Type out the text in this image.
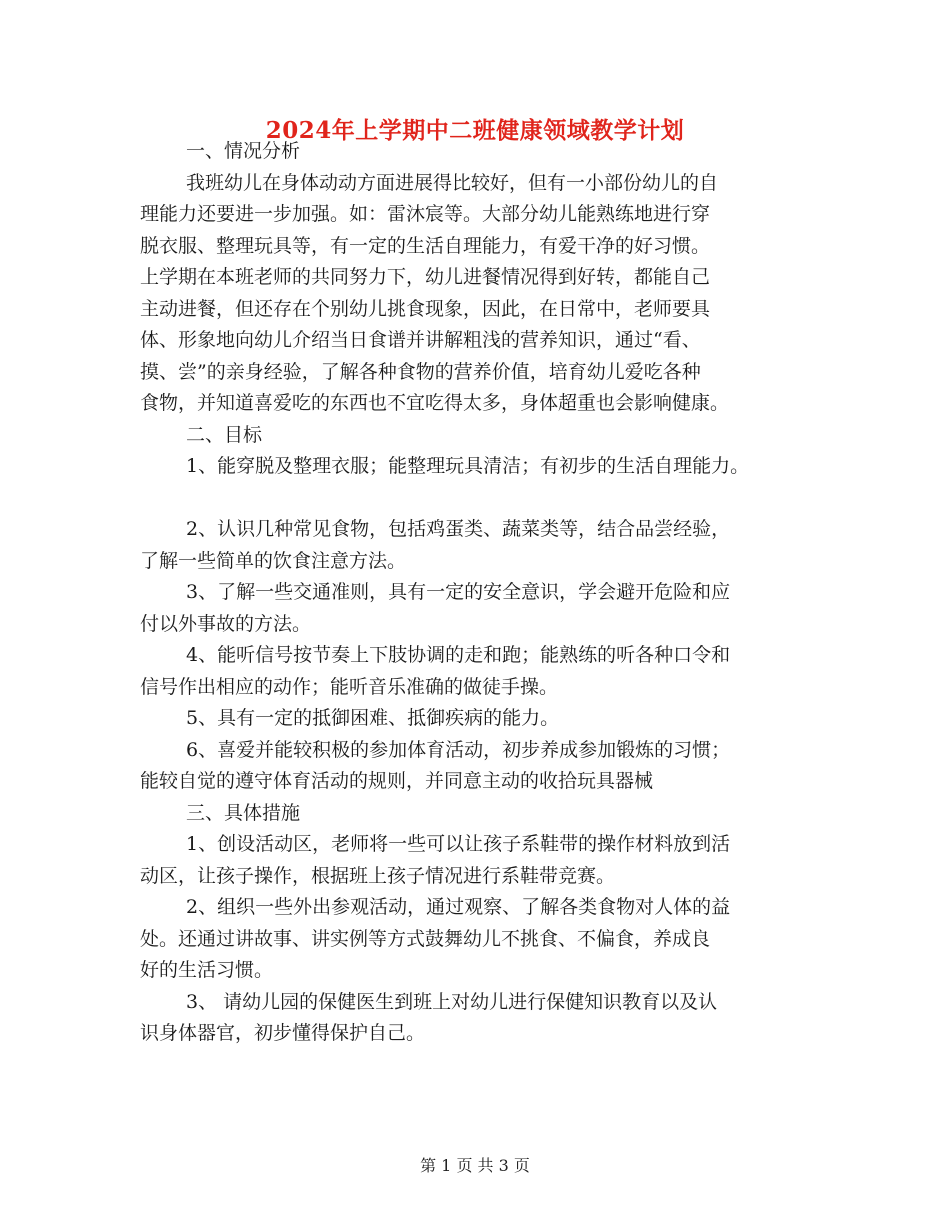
2024年上学期中二班健康领域教学计划
一、情况分析
我班幼儿在身体动动方面进展得比较好，但有一小部份幼儿的自
理能力还要进一步加强。如：雷沐宸等。大部分幼儿能熟练地进行穿
脱衣服、整理玩具等，有一定的生活自理能力，有爱干净的好习惯。
上学期在本班老师的共同努力下，幼儿进餐情况得到好转，都能自己
主动进餐，但还存在个别幼儿挑食现象，因此，在日常中，老师要具
体、形象地向幼儿介绍当日食谱并讲解粗浅的营养知识，通过“看、
摸、尝”的亲身经验，了解各种食物的营养价值，培育幼儿爱吃各种
食物，并知道喜爱吃的东西也不宜吃得太多，身体超重也会影响健康。
二、目标
1、能穿脱及整理衣服；能整理玩具清洁；有初步的生活自理能力。
2、认识几种常见食物，包括鸡蛋类、蔬菜类等，结合品尝经验，
了解一些简单的饮食注意方法。
3、了解一些交通准则，具有一定的安全意识，学会避开危险和应
付以外事故的方法。
4、能听信号按节奏上下肢协调的走和跑；能熟练的听各种口令和
信号作出相应的动作；能听音乐准确的做徒手操。
5、具有一定的抵御困难、抵御疾病的能力。
6、喜爱并能较积极的参加体育活动，初步养成参加锻炼的习惯；
能较自觉的遵守体育活动的规则，并同意主动的收拾玩具器械
三、具体措施
1、创设活动区，老师将一些可以让孩子系鞋带的操作材料放到活
动区，让孩子操作，根据班上孩子情况进行系鞋带竞赛。
2、组织一些外出参观活动，通过观察、了解各类食物对人体的益
处。还通过讲故事、讲实例等方式鼓舞幼儿不挑食、不偏食，养成良
好的生活习惯。
3、 请幼儿园的保健医生到班上对幼儿进行保健知识教育以及认
识身体器官，初步懂得保护自己。
第 1 页 共 3 页
